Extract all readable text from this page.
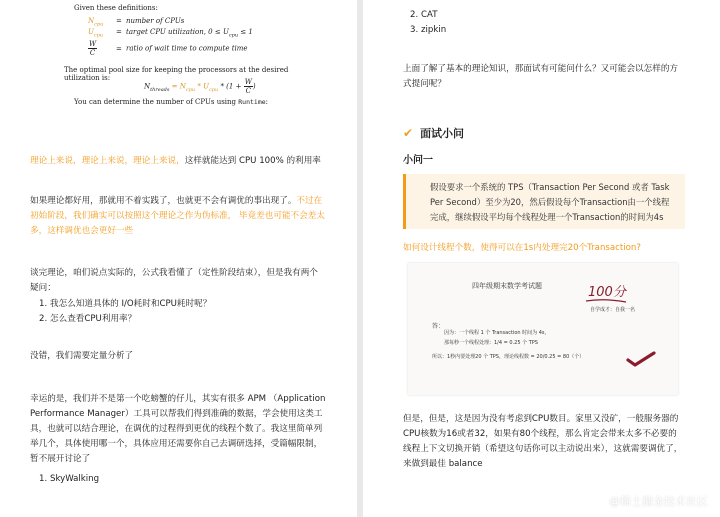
Given these definitions:
$N_{cpu}$ = number of CPUs
$U_{cpu}$ = target CPU utilization, $0 \le U_{cpu} \le 1$
$\frac{W}{C}$	= ratio of wait time to compute time
The optimal pool size for keeping the processors at the desired utilization is:
$N_{threads} = N_{cpu} * U_{cpu} * (1 + \frac{W}{C}$ )
You can determine the number of CPUs using Runtime:
理论上来说，理论上来说，理论上来说，这样就能达到 CPU 100% 的利用率
如果理论都好用，那就用不着实践了，也就更不会有调优的事出现了。不过在初始阶段，我们确实可以按照这个理论之作为伪标准， 毕竟差也可能不会差太多，这样调优也会更好一些
谈完理论，咱们说点实际的，公式我看懂了（定性阶段结束），但是我有两个疑问：
1. 我怎么知道具体的 I/O耗时和CPU耗时呢？
2. 怎么查看CPU利用率？
没错，我们需要定量分析了
幸运的是，我们并不是第一个吃螃蟹的仔儿，其实有很多 APM （Application Performance Manager）工具可以帮我们得到准确的数据，学会使用这类工具，也就可以结合理论，在调优的过程得到更优的线程个数了。我这里简单列举几个，具体使用哪一个，具体应用还需要你自己去调研选择，受篇幅限制，暂不展开讨论了
1. SkyWalking
2. CAT
3. zipkin
上面了解了基本的理论知识，那面试有可能问什么？又可能会以怎样的方式提问呢？
✔ 面试小问
小问一
假设要求一个系统的 TPS（Transaction Per Second 或者 Task Per Second）至少为20，然后假设每个Transaction由一个线程完成，继续假设平均每个线程处理一个Transaction的时间为4s
如何设计线程个数，使得可以在1s内处理完20个Transaction?
四年级期末数学考试题	100分
自学成才：自我一名
答：
因为：一个线程 1 个 Transaction 时间为 4s，
那每秒一个线程处理：1/4 = 0.25 个 TPS
所以：1秒内要处理20 个 TPS，理论线程数 = 20/0.25 = 80（个）
但是，但是，这是因为没有考虑到CPU数目。家里又没矿，一般服务器的CPU核数为16或者32，如果有80个线程，那么肯定会带来太多不必要的线程上下文切换开销（希望这句话你可以主动说出来），这就需要调优了，来做到最佳 balance
@稀土掘金技术社区
